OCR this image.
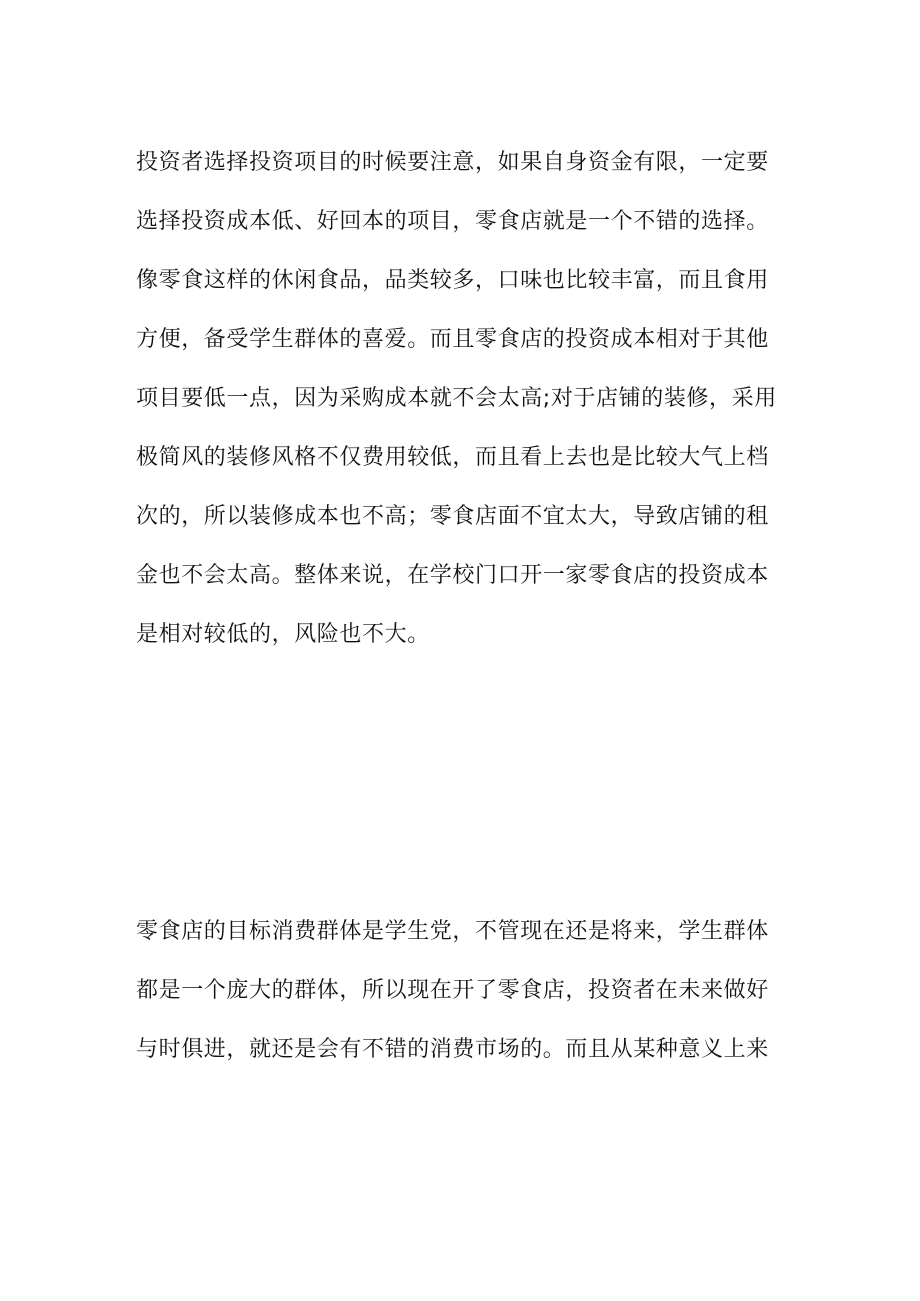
投资者选择投资项目的时候要注意，如果自身资金有限，一定要
选择投资成本低、好回本的项目，零食店就是一个不错的选择。
像零食这样的休闲食品，品类较多，口味也比较丰富，而且食用
方便，备受学生群体的喜爱。而且零食店的投资成本相对于其他
项目要低一点，因为采购成本就不会太高;对于店铺的装修，采用
极简风的装修风格不仅费用较低，而且看上去也是比较大气上档
次的，所以装修成本也不高；零食店面不宜太大，导致店铺的租
金也不会太高。整体来说，在学校门口开一家零食店的投资成本
是相对较低的，风险也不大。
零食店的目标消费群体是学生党，不管现在还是将来，学生群体
都是一个庞大的群体，所以现在开了零食店，投资者在未来做好
与时俱进，就还是会有不错的消费市场的。而且从某种意义上来
